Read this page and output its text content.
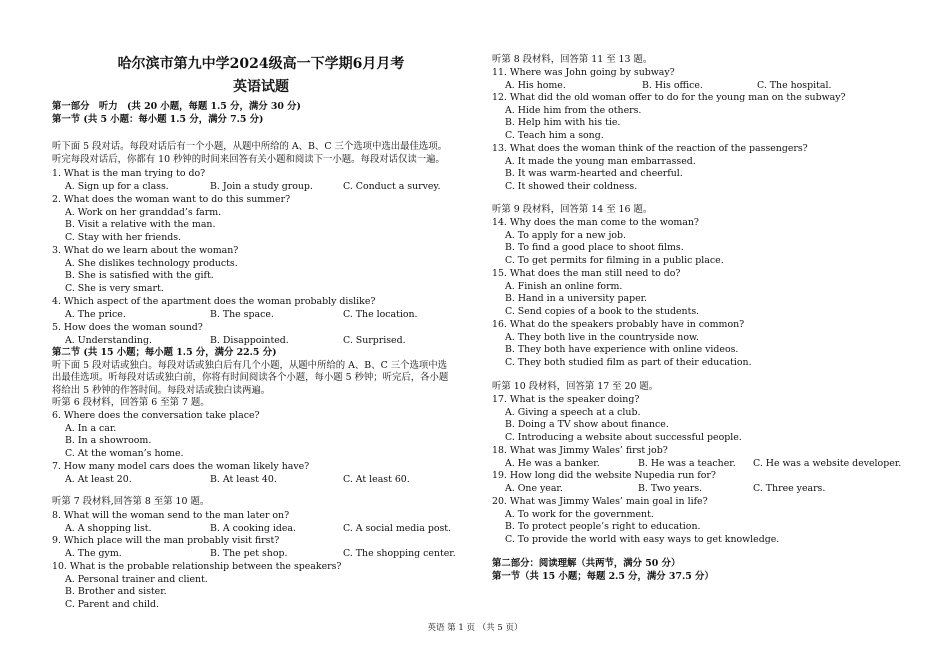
哈尔滨市第九中学2024级高一下学期6月月考
英语试题
第一部分　听力　(共 20 小题，每题 1.5 分，满分 30 分)
第一节 (共 5 小题：每小题 1.5 分，满分 7.5 分)
听下面 5 段对话。每段对话后有一个小题，从题中所给的 A、B、C 三个选项中选出最佳选项。
听完每段对话后，你都有 10 秒钟的时间来回答有关小题和阅读下一小题。每段对话仅读一遍。
1. What is the man trying to do?
A. Sign up for a class.	B. Join a study group.	C. Conduct a survey.
2. What does the woman want to do this summer?
A. Work on her granddad’s farm.
B. Visit a relative with the man.
C. Stay with her friends.
3. What do we learn about the woman?
A. She dislikes technology products.
B. She is satisfied with the gift.
C. She is very smart.
4. Which aspect of the apartment does the woman probably dislike?
A. The price.	B. The space.	C. The location.
5. How does the woman sound?
A. Understanding.	B. Disappointed.	C. Surprised.
第二节 (共 15 小题；每小题 1.5 分，满分 22.5 分)
听下面 5 段对话或独白。每段对话或独白后有几个小题，从题中所给的 A、B、C 三个选项中选
出最佳选项。听每段对话或独白前，你将有时间阅读各个小题，每小题 5 秒钟；听完后，各小题
将给出 5 秒钟的作答时间。每段对话或独白读两遍。
听第 6 段材料，回答第 6 至第 7 题。
6. Where does the conversation take place?
A. In a car.
B. In a showroom.
C. At the woman’s home.
7. How many model cars does the woman likely have?
A. At least 20.	B. At least 40.	C. At least 60.
听第 7 段材料,回答第 8 至第 10 题。
8. What will the woman send to the man later on?
A. A shopping list.	B. A cooking idea.	C. A social media post.
9. Which place will the man probably visit first?
A. The gym.	B. The pet shop.	C. The shopping center.
10. What is the probable relationship between the speakers?
A. Personal trainer and client.
B. Brother and sister.
C. Parent and child.
听第 8 段材料，回答第 11 至 13 题。
11. Where was John going by subway?
A. His home.	B. His office.	C. The hospital.
12. What did the old woman offer to do for the young man on the subway?
A. Hide him from the others.
B. Help him with his tie.
C. Teach him a song.
13. What does the woman think of the reaction of the passengers?
A. It made the young man embarrassed.
B. It was warm-hearted and cheerful.
C. It showed their coldness.
听第 9 段材料，回答第 14 至 16 题。
14. Why does the man come to the woman?
A. To apply for a new job.
B. To find a good place to shoot films.
C. To get permits for filming in a public place.
15. What does the man still need to do?
A. Finish an online form.
B. Hand in a university paper.
C. Send copies of a book to the students.
16. What do the speakers probably have in common?
A. They both live in the countryside now.
B. They both have experience with online videos.
C. They both studied film as part of their education.
听第 10 段材料，回答第 17 至 20 题。
17. What is the speaker doing?
A. Giving a speech at a club.
B. Doing a TV show about finance.
C. Introducing a website about successful people.
18. What was Jimmy Wales’ first job?
A. He was a banker.	B. He was a teacher.	C. He was a website developer.
19. How long did the website Nupedia run for?
A. One year.	B. Two years.	C. Three years.
20. What was Jimmy Wales’ main goal in life?
A. To work for the government.
B. To protect people’s right to education.
C. To provide the world with easy ways to get knowledge.
第二部分：阅读理解（共两节，满分 50 分）
第一节（共 15 小题；每题 2.5 分，满分 37.5 分）
英语 第 1 页 （共 5 页）
